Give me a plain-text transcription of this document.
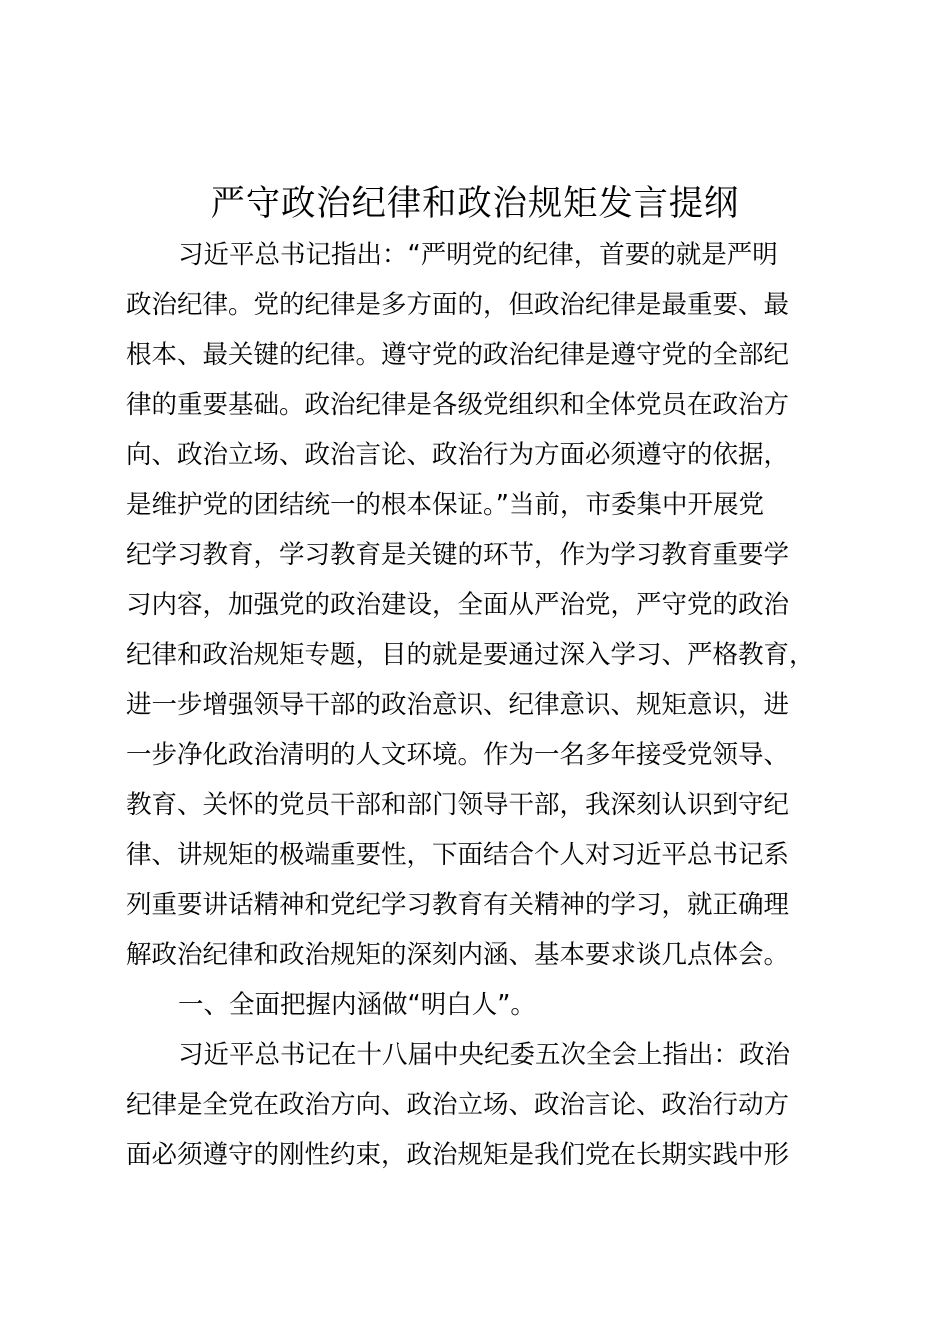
严守政治纪律和政治规矩发言提纲
习近平总书记指出：“严明党的纪律，首要的就是严明
政治纪律。党的纪律是多方面的，但政治纪律是最重要、最
根本、最关键的纪律。遵守党的政治纪律是遵守党的全部纪
律的重要基础。政治纪律是各级党组织和全体党员在政治方
向、政治立场、政治言论、政治行为方面必须遵守的依据，
是维护党的团结统一的根本保证。”当前，市委集中开展党
纪学习教育，学习教育是关键的环节，作为学习教育重要学
习内容，加强党的政治建设，全面从严治党，严守党的政治
纪律和政治规矩专题，目的就是要通过深入学习、严格教育，
进一步增强领导干部的政治意识、纪律意识、规矩意识，进
一步净化政治清明的人文环境。作为一名多年接受党领导、
教育、关怀的党员干部和部门领导干部，我深刻认识到守纪
律、讲规矩的极端重要性，下面结合个人对习近平总书记系
列重要讲话精神和党纪学习教育有关精神的学习，就正确理
解政治纪律和政治规矩的深刻内涵、基本要求谈几点体会。
一、全面把握内涵做“明白人”。
习近平总书记在十八届中央纪委五次全会上指出：政治
纪律是全党在政治方向、政治立场、政治言论、政治行动方
面必须遵守的刚性约束，政治规矩是我们党在长期实践中形
